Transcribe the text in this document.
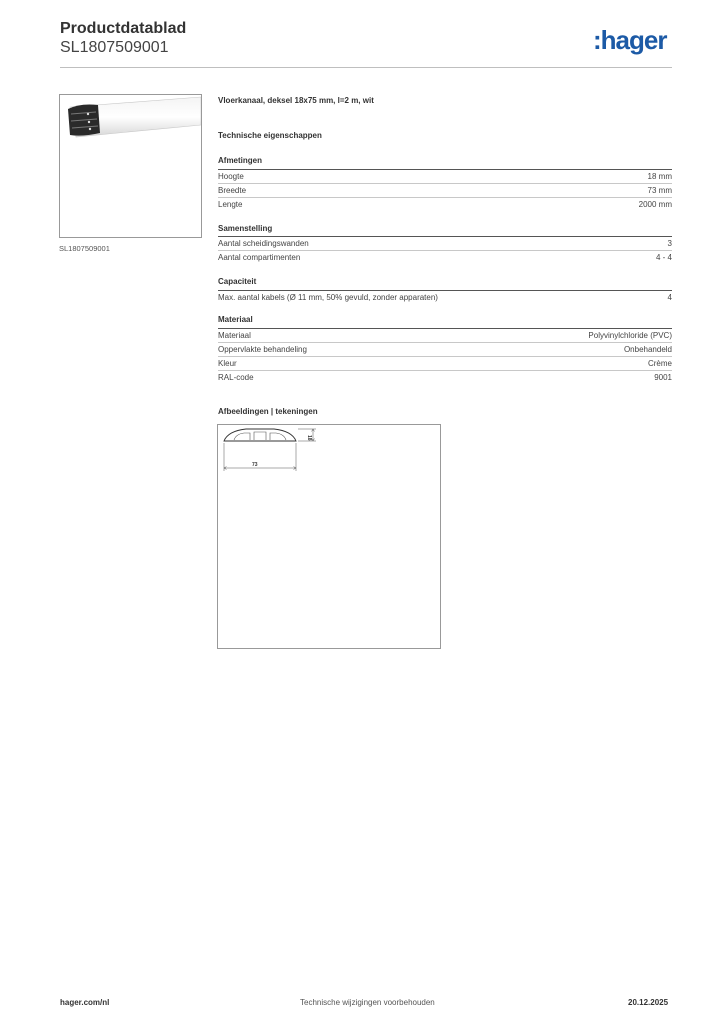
Productdatablad
SL1807509001	:hager
SL1807509001
Vloerkanaal, deksel 18x75 mm, l=2 m, wit
Technische eigenschappen
Afmetingen
Hoogte	18 mm
Breedte	73 mm
Lengte	2000 mm
Samenstelling
Aantal scheidingswanden	3
Aantal compartimenten	4 - 4
Capaciteit
Max. aantal kabels (Ø 11 mm, 50% gevuld, zonder apparaten)	4
Materiaal
Materiaal	Polyvinylchloride (PVC)
Oppervlakte behandeling	Onbehandeld
Kleur	Crème
RAL-code	9001
Afbeeldingen | tekeningen
18
73
hager.com/nl	Technische wijzigingen voorbehouden	20.12.2025
